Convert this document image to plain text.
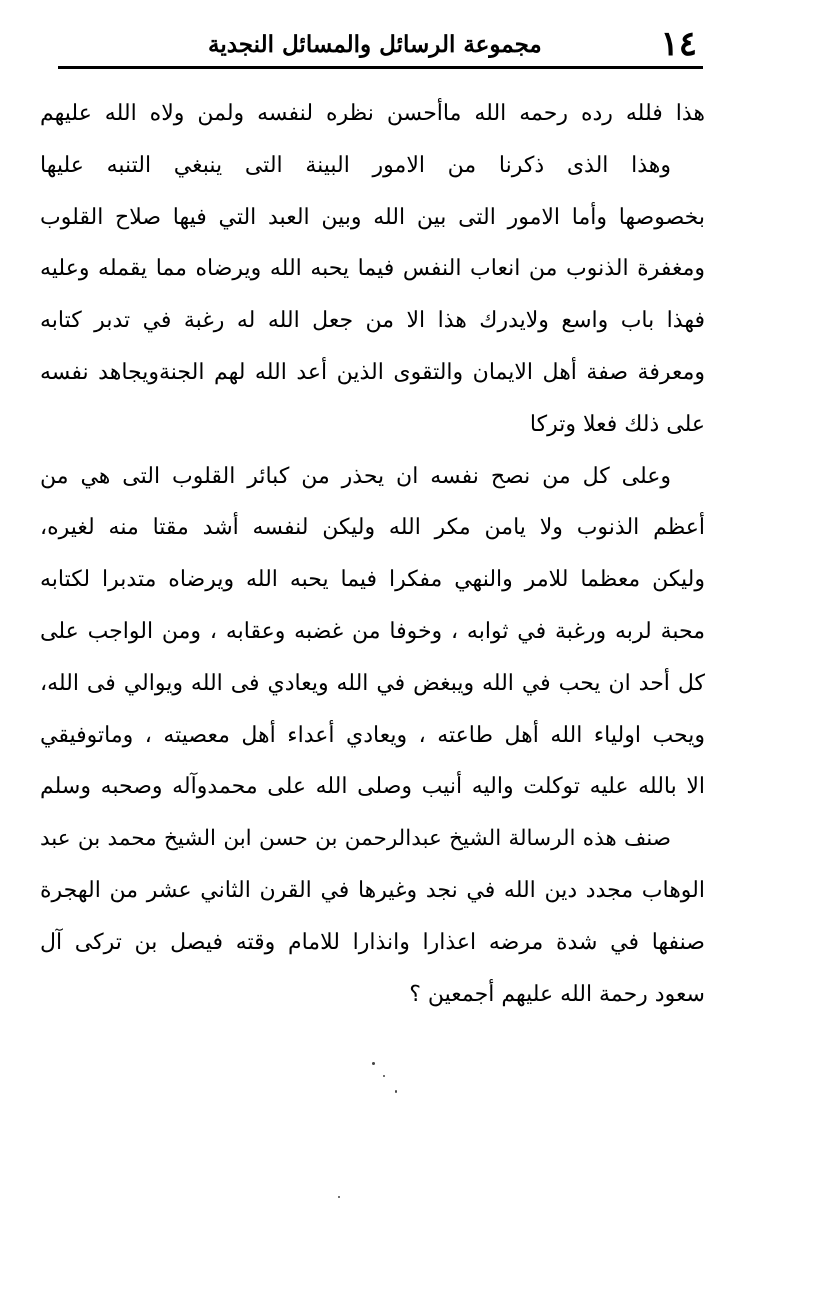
١٤
مجموعة الرسائل والمسائل النجدية
هذا فلله رده رحمه الله ماأحسن نظره لنفسه ولمن ولاه الله عليهم
وهذا الذى ذكرنا من الامور البينة التى ينبغي التنبه عليها
بخصوصها وأما الامور التى بين الله وبين العبد التي فيها صلاح القلوب
ومغفرة الذنوب من انعاب النفس فيما يحبه الله ويرضاه مما يقمله وعليه
فهذا باب واسع ولايدرك هذا الا من جعل الله له رغبة في تدبر كتابه
ومعرفة صفة أهل الايمان والتقوى الذين أعد الله لهم الجنةويجاهد نفسه
على ذلك فعلا وتركا
وعلى كل من نصح نفسه ان يحذر من كبائر القلوب التى هي من
أعظم الذنوب ولا يامن مكر الله وليكن لنفسه أشد مقتا منه لغيره،
وليكن معظما للامر والنهي مفكرا فيما يحبه الله ويرضاه متدبرا لكتابه
محبة لربه ورغبة في ثوابه ، وخوفا من غضبه وعقابه ، ومن الواجب على
كل أحد ان يحب في الله ويبغض في الله ويعادي فى الله ويوالي فى الله،
ويحب اولياء الله أهل طاعته ، ويعادي أعداء أهل معصيته ، وماتوفيقي
الا بالله عليه توكلت واليه أنيب وصلى الله على محمدوآله وصحبه وسلم
صنف هذه الرسالة الشيخ عبدالرحمن بن حسن ابن الشيخ محمد بن عبد
الوهاب مجدد دين الله في نجد وغيرها في القرن الثاني عشر من الهجرة
صنفها في شدة مرضه اعذارا وانذارا للامام وقته فيصل بن تركى آل
سعود رحمة الله عليهم أجمعين ؟
